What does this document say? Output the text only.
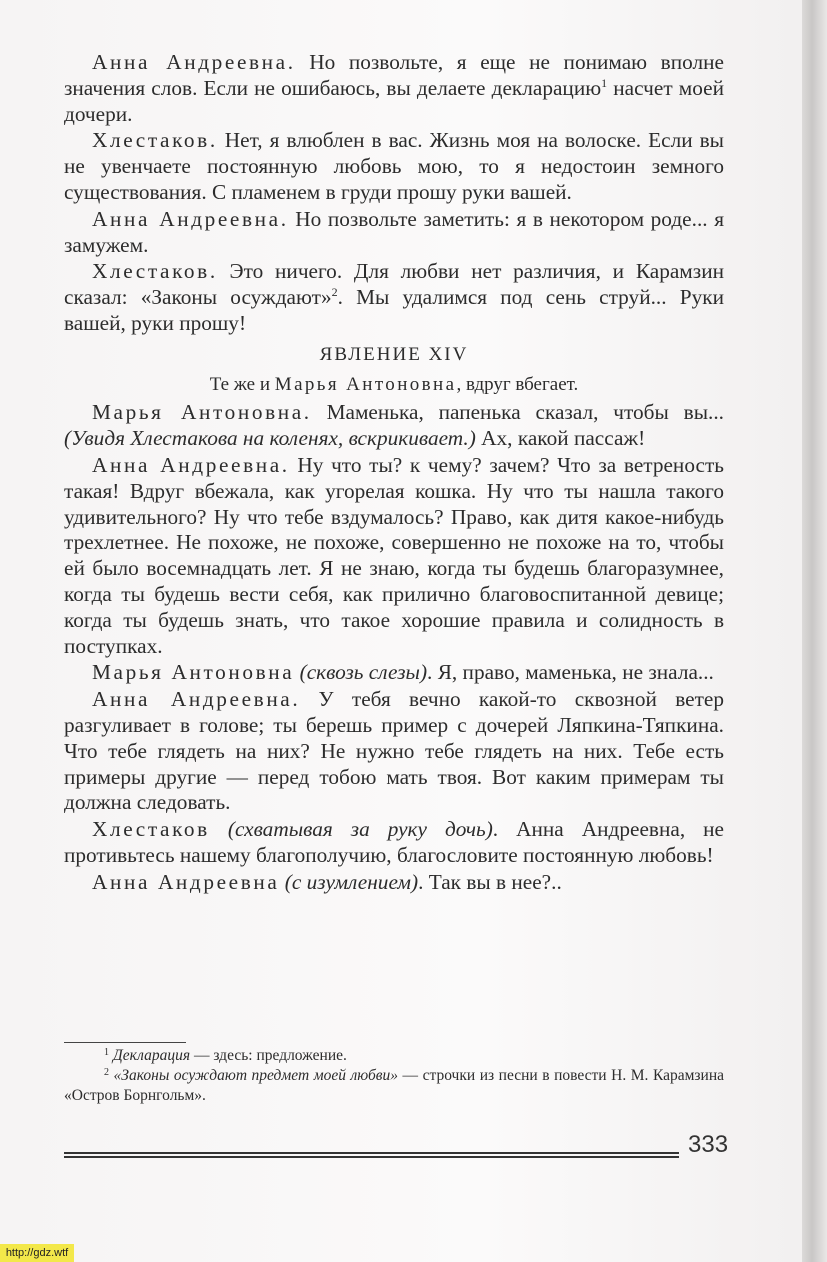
Анна Андреевна. Но позвольте, я еще не понимаю вполне значения слов. Если не ошибаюсь, вы делаете декларацию$^1$ насчет моей дочери.

Хлестаков. Нет, я влюблен в вас. Жизнь моя на волоске. Если вы не увенчаете постоянную любовь мою, то я недостоин земного существования. С пламенем в груди прошу руки вашей.

Анна Андреевна. Но позвольте заметить: я в некотором роде... я замужем.

Хлестаков. Это ничего. Для любви нет различия, и Карамзин сказал: «Законы осуждают»$^2$. Мы удалимся под сень струй... Руки вашей, руки прошу!

ЯВЛЕНИЕ XIV

Те же и Марья Антоновна, вдруг вбегает.

Марья Антоновна. Маменька, папенька сказал, чтобы вы... (Увидя Хлестакова на коленях, вскрикивает.) Ах, какой пассаж!

Анна Андреевна. Ну что ты? к чему? зачем? Что за ветреность такая! Вдруг вбежала, как угорелая кошка. Ну что ты нашла такого удивительного? Ну что тебе вздумалось? Право, как дитя какое-нибудь трехлетнее. Не похоже, не похоже, совершенно не похоже на то, чтобы ей было восемнадцать лет. Я не знаю, когда ты будешь благоразумнее, когда ты будешь вести себя, как прилично благовоспитанной девице; когда ты будешь знать, что такое хорошие правила и солидность в поступках.

Марья Антоновна (сквозь слезы). Я, право, маменька, не знала...

Анна Андреевна. У тебя вечно какой-то сквозной ветер разгуливает в голове; ты берешь пример с дочерей Ляпкина-Тяпкина. Что тебе глядеть на них? Не нужно тебе глядеть на них. Тебе есть примеры другие — перед тобою мать твоя. Вот каким примерам ты должна следовать.

Хлестаков (схватывая за руку дочь). Анна Андреевна, не противьтесь нашему благополучию, благословите постоянную любовь!

Анна Андреевна (с изумлением). Так вы в нее?..

$^1$ Декларация — здесь: предложение.

$^2$ «Законы осуждают предмет моей любви» — строчки из песни в повести Н. М. Карамзина «Остров Борнгольм».

333
http://gdz.wtf
